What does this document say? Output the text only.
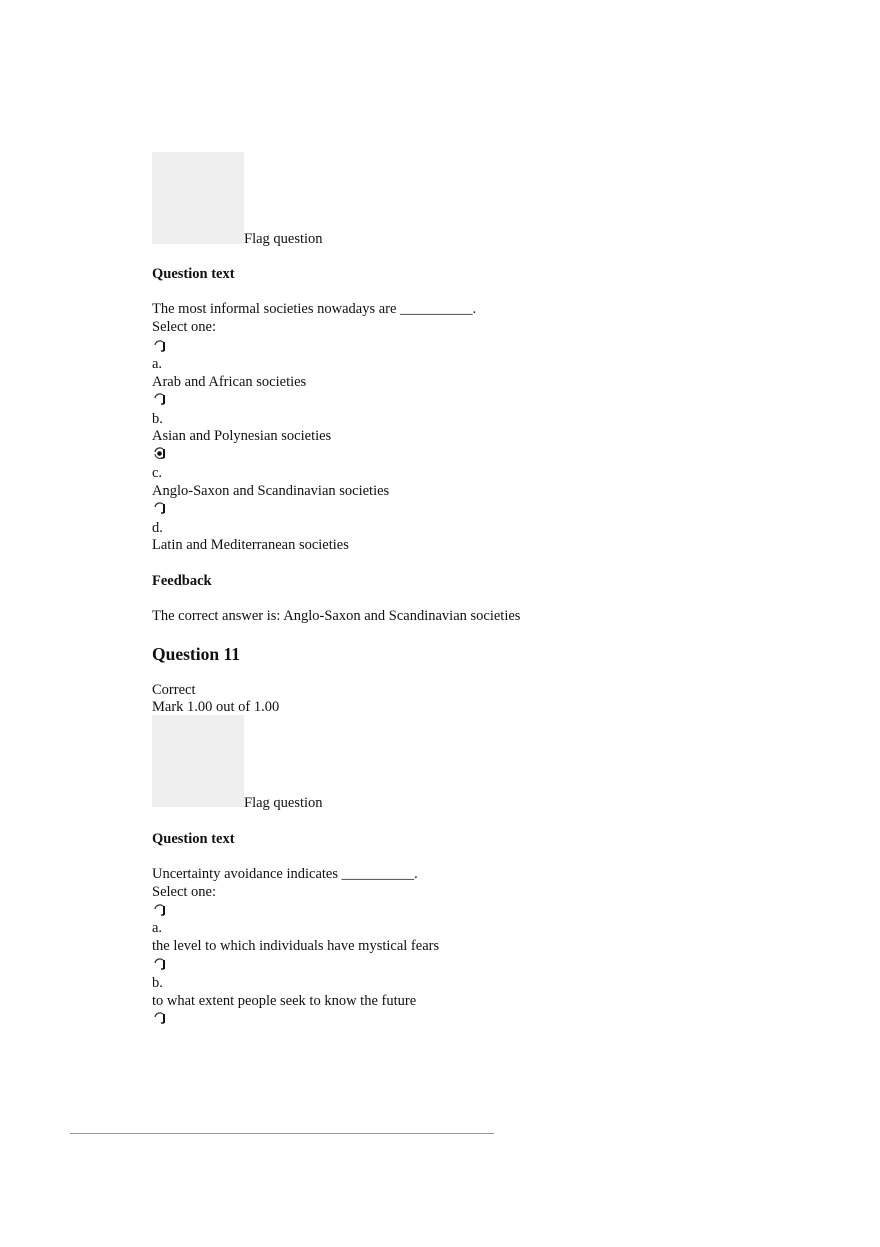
Flag question
Question text
The most informal societies nowadays are __________.
Select one:
a.
Arab and African societies
b.
Asian and Polynesian societies
c.
Anglo-Saxon and Scandinavian societies
d.
Latin and Mediterranean societies
Feedback
The correct answer is: Anglo-Saxon and Scandinavian societies
Question 11
Correct
Mark 1.00 out of 1.00
Flag question
Question text
Uncertainty avoidance indicates __________.
Select one:
a.
the level to which individuals have mystical fears
b.
to what extent people seek to know the future
